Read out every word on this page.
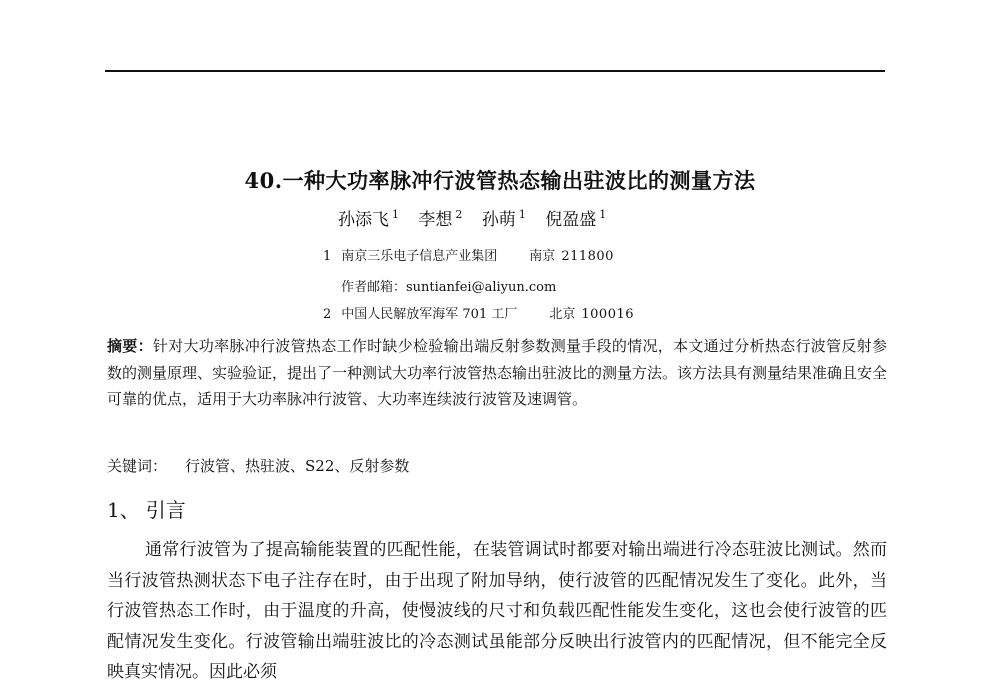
40.一种大功率脉冲行波管热态输出驻波比的测量方法
孙添飞 $^1$ 李想 $^2$ 孙萌 $^1$ 倪盈盛 $^1$
1 南京三乐电子信息产业集团 南京 211800
作者邮箱：suntianfei@aliyun.com
2 中国人民解放军海军 701 工厂 北京 100016
摘要：针对大功率脉冲行波管热态工作时缺少检验输出端反射参数测量手段的情况，本文通过分析热态行波管反射参数的测量原理、实验验证，提出了一种测试大功率行波管热态输出驻波比的测量方法。该方法具有测量结果准确且安全可靠的优点，适用于大功率脉冲行波管、大功率连续波行波管及速调管。
关键词： 行波管、热驻波、S22、反射参数
1、 引言
通常行波管为了提高输能装置的匹配性能，在装管调试时都要对输出端进行冷态驻波比测试。然而当行波管热测状态下电子注存在时，由于出现了附加导纳，使行波管的匹配情况发生了变化。此外，当行波管热态工作时，由于温度的升高，使慢波线的尺寸和负载匹配性能发生变化，这也会使行波管的匹配情况发生变化。行波管输出端驻波比的冷态测试虽能部分反映出行波管内的匹配情况，但不能完全反映真实情况。因此必须
